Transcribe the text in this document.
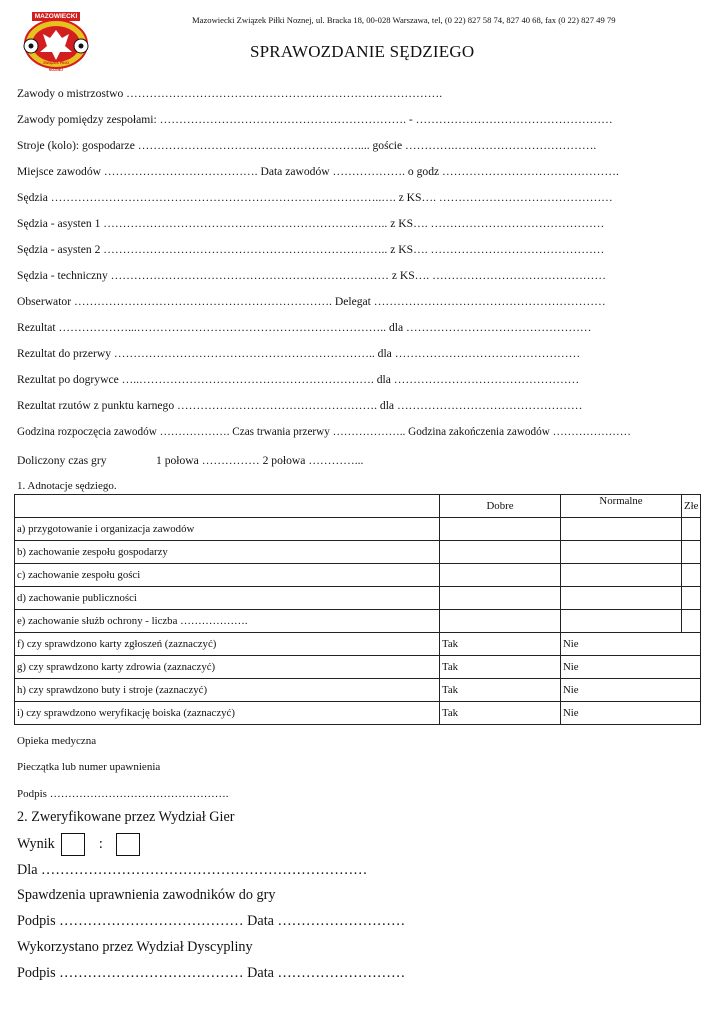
MAZOWIECKI
ZWIĄZEK PIŁKI NOŻNEJ
Mazowiecki Związek Piłki Noznej, ul. Bracka 18, 00-028 Warszawa, tel, (0 22) 827 58 74, 827 40 68, fax (0 22) 827 49 79
SPRAWOZDANIE SĘDZIEGO
Zawody o mistrzostwo ……………………………………………………………………….
Zawody pomiędzy zespołami: ………………………………………………………. - ……………………………………………
Stroje (kolo): gospodarze ………………………………………………….... goście ………….……………………………….
Miejsce zawodów …………………………………. Data zawodów ………………. o godz ……………………………………….
Sędzia …………………………………………………………………………..…. z KS…. ………………………………………
Sędzia - asysten 1 ……………………………………………………………….. z KS…. ………………………………………
Sędzia - asysten 2 ……………………………………………………………….. z KS…. ………………………………………
Sędzia - techniczny ……………………………………………………………… z KS…. ………………………………………
Obserwator …………………………………………………………. Delegat ……………………………………………………
Rezultat ………………...……………………………………………………….. dla …………………………………………
Rezultat do przerwy ………………………………………………………….. dla …………………………………………
Rezultat po dogrywce …..……………………………………………………. dla …………………………………………
Rezultat rzutów z punktu karnego ……………………………………………. dla …………………………………………
Godzina rozpoczęcia zawodów ………………. Czas trwania przerwy ……………….. Godzina zakończenia zawodów …………………
Doliczony czas gry	1 połowa …………… 2 połowa …………...
1. Adnotacje sędziego.
	Dobre	Normalne	Złe
a) przygotowanie i organizacja zawodów			
b) zachowanie zespołu gospodarzy			
c) zachowanie zespołu gości			
d) zachowanie publiczności			
e) zachowanie służb ochrony - liczba ……………….			
f) czy sprawdzono karty zgłoszeń (zaznaczyć)	Tak	Nie	
g) czy sprawdzono karty zdrowia (zaznaczyć)	Tak	Nie	
h) czy sprawdzono buty i stroje (zaznaczyć)	Tak	Nie	
i) czy sprawdzono weryfikację boiska (zaznaczyć)	Tak	Nie	
Opieka medyczna
Pieczątka lub numer upawnienia
Podpis ………………………………………….
2. Zweryfikowane przez Wydział Gier
Wynik	:
Dla ……………………………………………………………
Spawdzenia uprawnienia zawodników do gry
Podpis ………………………………… Data ………………………
Wykorzystano przez Wydział Dyscypliny
Podpis ………………………………… Data ………………………
